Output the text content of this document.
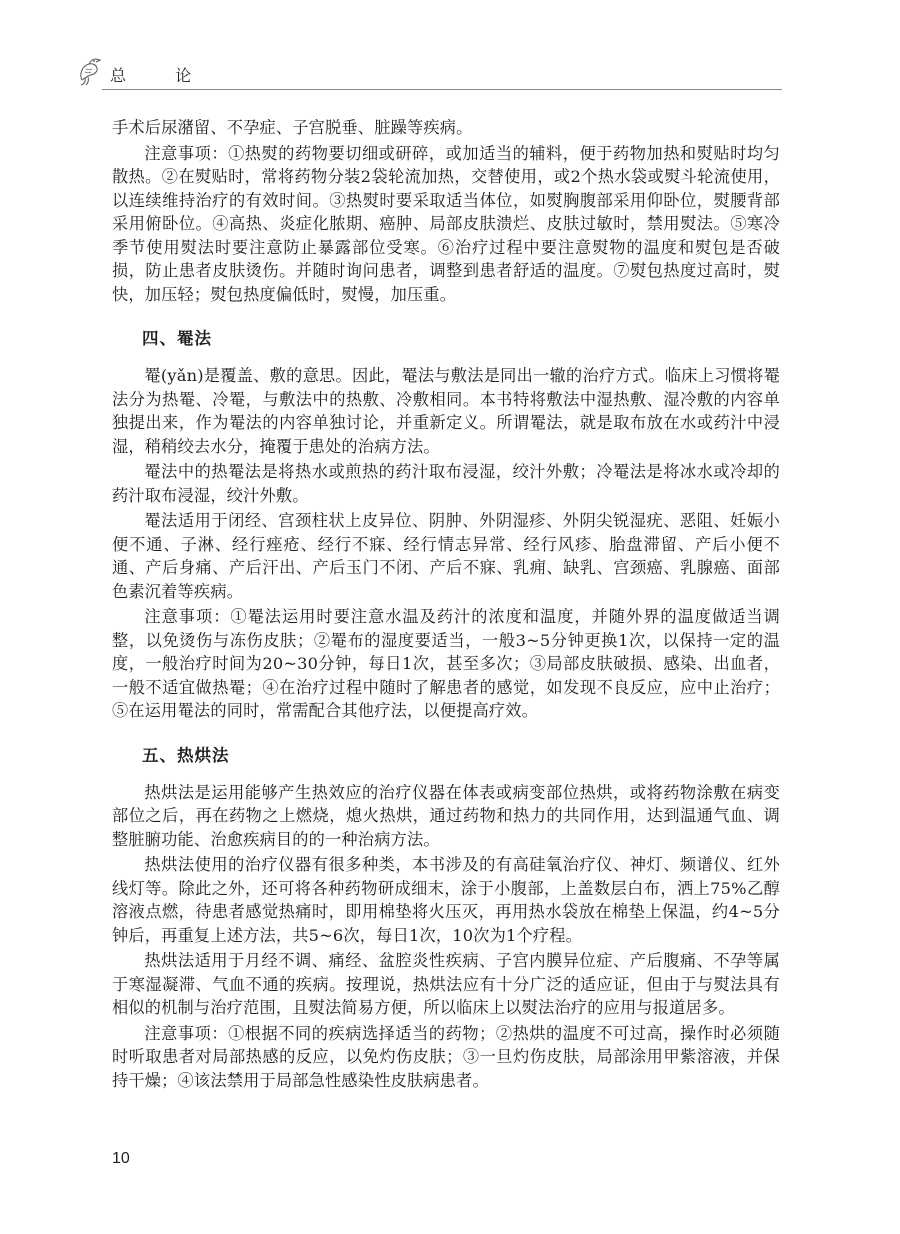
总 论

手术后尿潴留、不孕症、子宫脱垂、脏躁等疾病。

注意事项：①热熨的药物要切细或研碎，或加适当的辅料，便于药物加热和熨贴时均匀散热。②在熨贴时，常将药物分装2袋轮流加热，交替使用，或2个热水袋或熨斗轮流使用，以连续维持治疗的有效时间。③热熨时要采取适当体位，如熨胸腹部采用仰卧位，熨腰背部采用俯卧位。④高热、炎症化脓期、癌肿、局部皮肤溃烂、皮肤过敏时，禁用熨法。⑤寒冷季节使用熨法时要注意防止暴露部位受寒。⑥治疗过程中要注意熨物的温度和熨包是否破损，防止患者皮肤烫伤。并随时询问患者，调整到患者舒适的温度。⑦熨包热度过高时，熨快，加压轻；熨包热度偏低时，熨慢，加压重。

四、罨法

罨(yǎn)是覆盖、敷的意思。因此，罨法与敷法是同出一辙的治疗方式。临床上习惯将罨法分为热罨、冷罨，与敷法中的热敷、冷敷相同。本书特将敷法中湿热敷、湿冷敷的内容单独提出来，作为罨法的内容单独讨论，并重新定义。所谓罨法，就是取布放在水或药汁中浸湿，稍稍绞去水分，掩覆于患处的治病方法。

罨法中的热罨法是将热水或煎热的药汁取布浸湿，绞汁外敷；冷罨法是将冰水或冷却的药汁取布浸湿，绞汁外敷。

罨法适用于闭经、宫颈柱状上皮异位、阴肿、外阴湿疹、外阴尖锐湿疣、恶阻、妊娠小便不通、子淋、经行痤疮、经行不寐、经行情志异常、经行风疹、胎盘滞留、产后小便不通、产后身痛、产后汗出、产后玉门不闭、产后不寐、乳痈、缺乳、宫颈癌、乳腺癌、面部色素沉着等疾病。

注意事项：①罨法运用时要注意水温及药汁的浓度和温度，并随外界的温度做适当调整，以免烫伤与冻伤皮肤；②罨布的湿度要适当，一般3~5分钟更换1次，以保持一定的温度，一般治疗时间为20~30分钟，每日1次，甚至多次；③局部皮肤破损、感染、出血者，一般不适宜做热罨；④在治疗过程中随时了解患者的感觉，如发现不良反应，应中止治疗；⑤在运用罨法的同时，常需配合其他疗法，以便提高疗效。

五、热烘法

热烘法是运用能够产生热效应的治疗仪器在体表或病变部位热烘，或将药物涂敷在病变部位之后，再在药物之上燃烧，熄火热烘，通过药物和热力的共同作用，达到温通气血、调整脏腑功能、治愈疾病目的的一种治病方法。

热烘法使用的治疗仪器有很多种类，本书涉及的有高硅氧治疗仪、神灯、频谱仪、红外线灯等。除此之外，还可将各种药物研成细末，涂于小腹部，上盖数层白布，洒上75%乙醇溶液点燃，待患者感觉热痛时，即用棉垫将火压灭，再用热水袋放在棉垫上保温，约4~5分钟后，再重复上述方法，共5~6次，每日1次，10次为1个疗程。

热烘法适用于月经不调、痛经、盆腔炎性疾病、子宫内膜异位症、产后腹痛、不孕等属于寒湿凝滞、气血不通的疾病。按理说，热烘法应有十分广泛的适应证，但由于与熨法具有相似的机制与治疗范围，且熨法简易方便，所以临床上以熨法治疗的应用与报道居多。

注意事项：①根据不同的疾病选择适当的药物；②热烘的温度不可过高，操作时必须随时听取患者对局部热感的反应，以免灼伤皮肤；③一旦灼伤皮肤，局部涂用甲紫溶液，并保持干燥；④该法禁用于局部急性感染性皮肤病患者。

10
